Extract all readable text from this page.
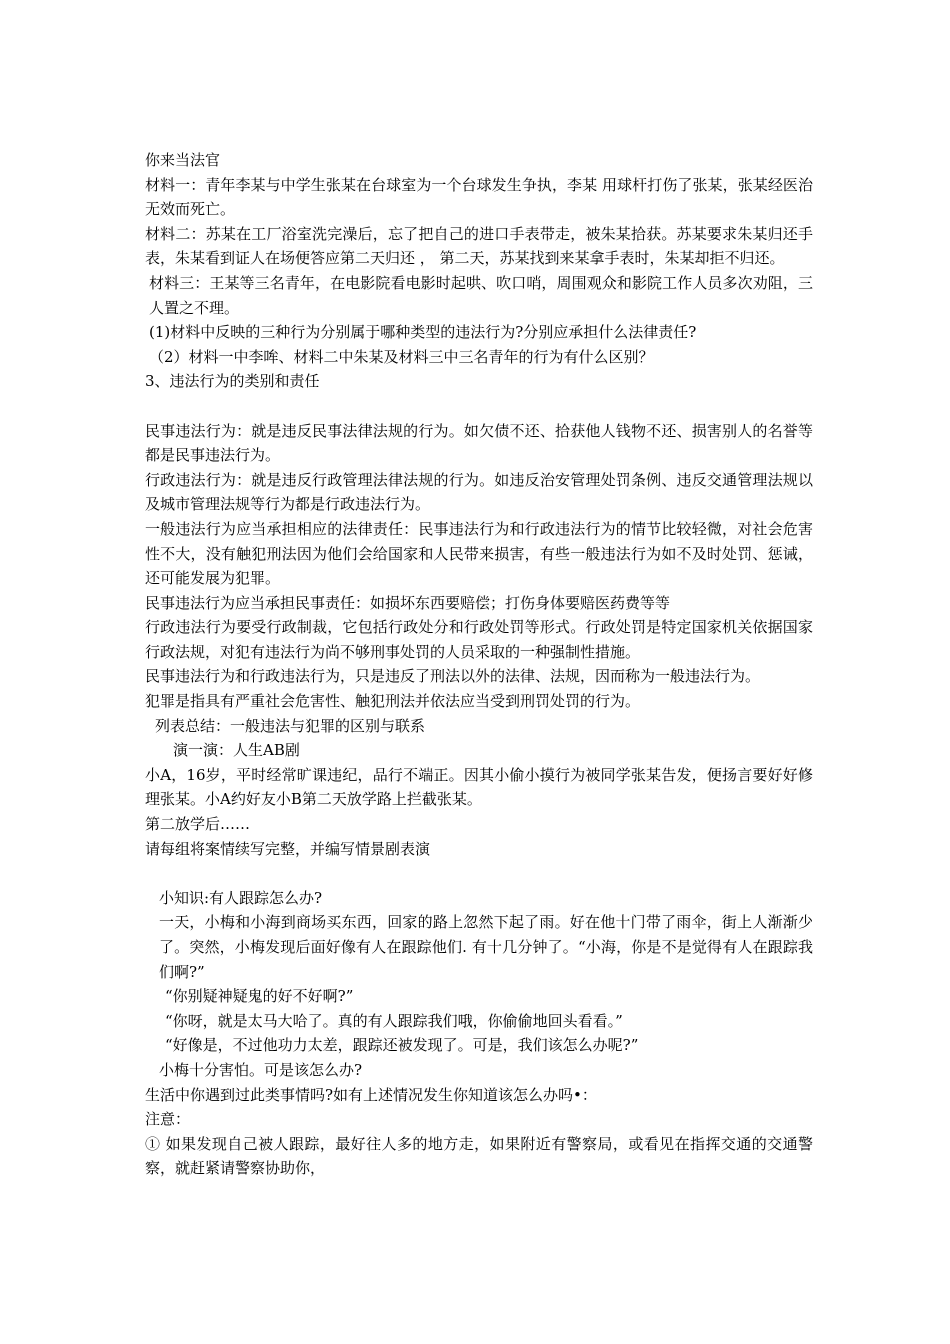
你来当法官

材料一：青年李某与中学生张某在台球室为一个台球发生争执，李某 用球杆打伤了张某，张某经医治无效而死亡。

材料二：苏某在工厂浴室洗完澡后，忘了把自己的进口手表带走，被朱某拾获。苏某要求朱某归还手表，朱某看到证人在场便答应第二天归还 ， 第二天，苏某找到来某拿手表时，朱某却拒不归还。

材料三：王某等三名青年，在电影院看电影时起哄、吹口哨，周围观众和影院工作人员多次劝阻，三人置之不理。

(1)材料中反映的三种行为分别属于哪种类型的违法行为?分别应承担什么法律责任?

（2）材料一中李哞、材料二中朱某及材料三中三名青年的行为有什么区别？

3、违法行为的类别和责任

民事违法行为：就是违反民事法律法规的行为。如欠债不还、拾获他人钱物不还、损害别人的名誉等都是民事违法行为。

行政违法行为：就是违反行政管理法律法规的行为。如违反治安管理处罚条例、违反交通管理法规以及城市管理法规等行为都是行政违法行为。

一般违法行为应当承担相应的法律责任：民事违法行为和行政违法行为的情节比较轻微，对社会危害性不大，没有触犯刑法因为他们会给国家和人民带来损害，有些一般违法行为如不及时处罚、惩诫，还可能发展为犯罪。

民事违法行为应当承担民事责任：如损坏东西要赔偿；打伤身体要赔医药费等等

行政违法行为要受行政制裁，它包括行政处分和行政处罚等形式。行政处罚是特定国家机关依据国家行政法规，对犯有违法行为尚不够刑事处罚的人员采取的一种强制性措施。

民事违法行为和行政违法行为，只是违反了刑法以外的法律、法规，因而称为一般违法行为。

犯罪是指具有严重社会危害性、触犯刑法并依法应当受到刑罚处罚的行为。

列表总结：一般违法与犯罪的区别与联系

演一演：人生AB剧

小A，16岁，平时经常旷课违纪，品行不端正。因其小偷小摸行为被同学张某告发，便扬言要好好修理张某。小A约好友小B第二天放学路上拦截张某。

第二放学后……

请每组将案情续写完整，并编写情景剧表演

小知识:有人跟踪怎么办?

一天，小梅和小海到商场买东西，回家的路上忽然下起了雨。好在他十门带了雨伞，街上人渐渐少了。突然，小梅发现后面好像有人在跟踪他们. 有十几分钟了。“小海，你是不是觉得有人在跟踪我们啊?”

“你别疑神疑鬼的好不好啊?”

“你呀，就是太马大哈了。真的有人跟踪我们哦，你偷偷地回头看看。”

“好像是，不过他功力太差，跟踪还被发现了。可是，我们该怎么办呢?”

小梅十分害怕。可是该怎么办?

生活中你遇到过此类事情吗?如有上述情况发生你知道该怎么办吗•：

注意：

① 如果发现自己被人跟踪，最好往人多的地方走，如果附近有警察局，或看见在指挥交通的交通警察，就赶紧请警察协助你，
